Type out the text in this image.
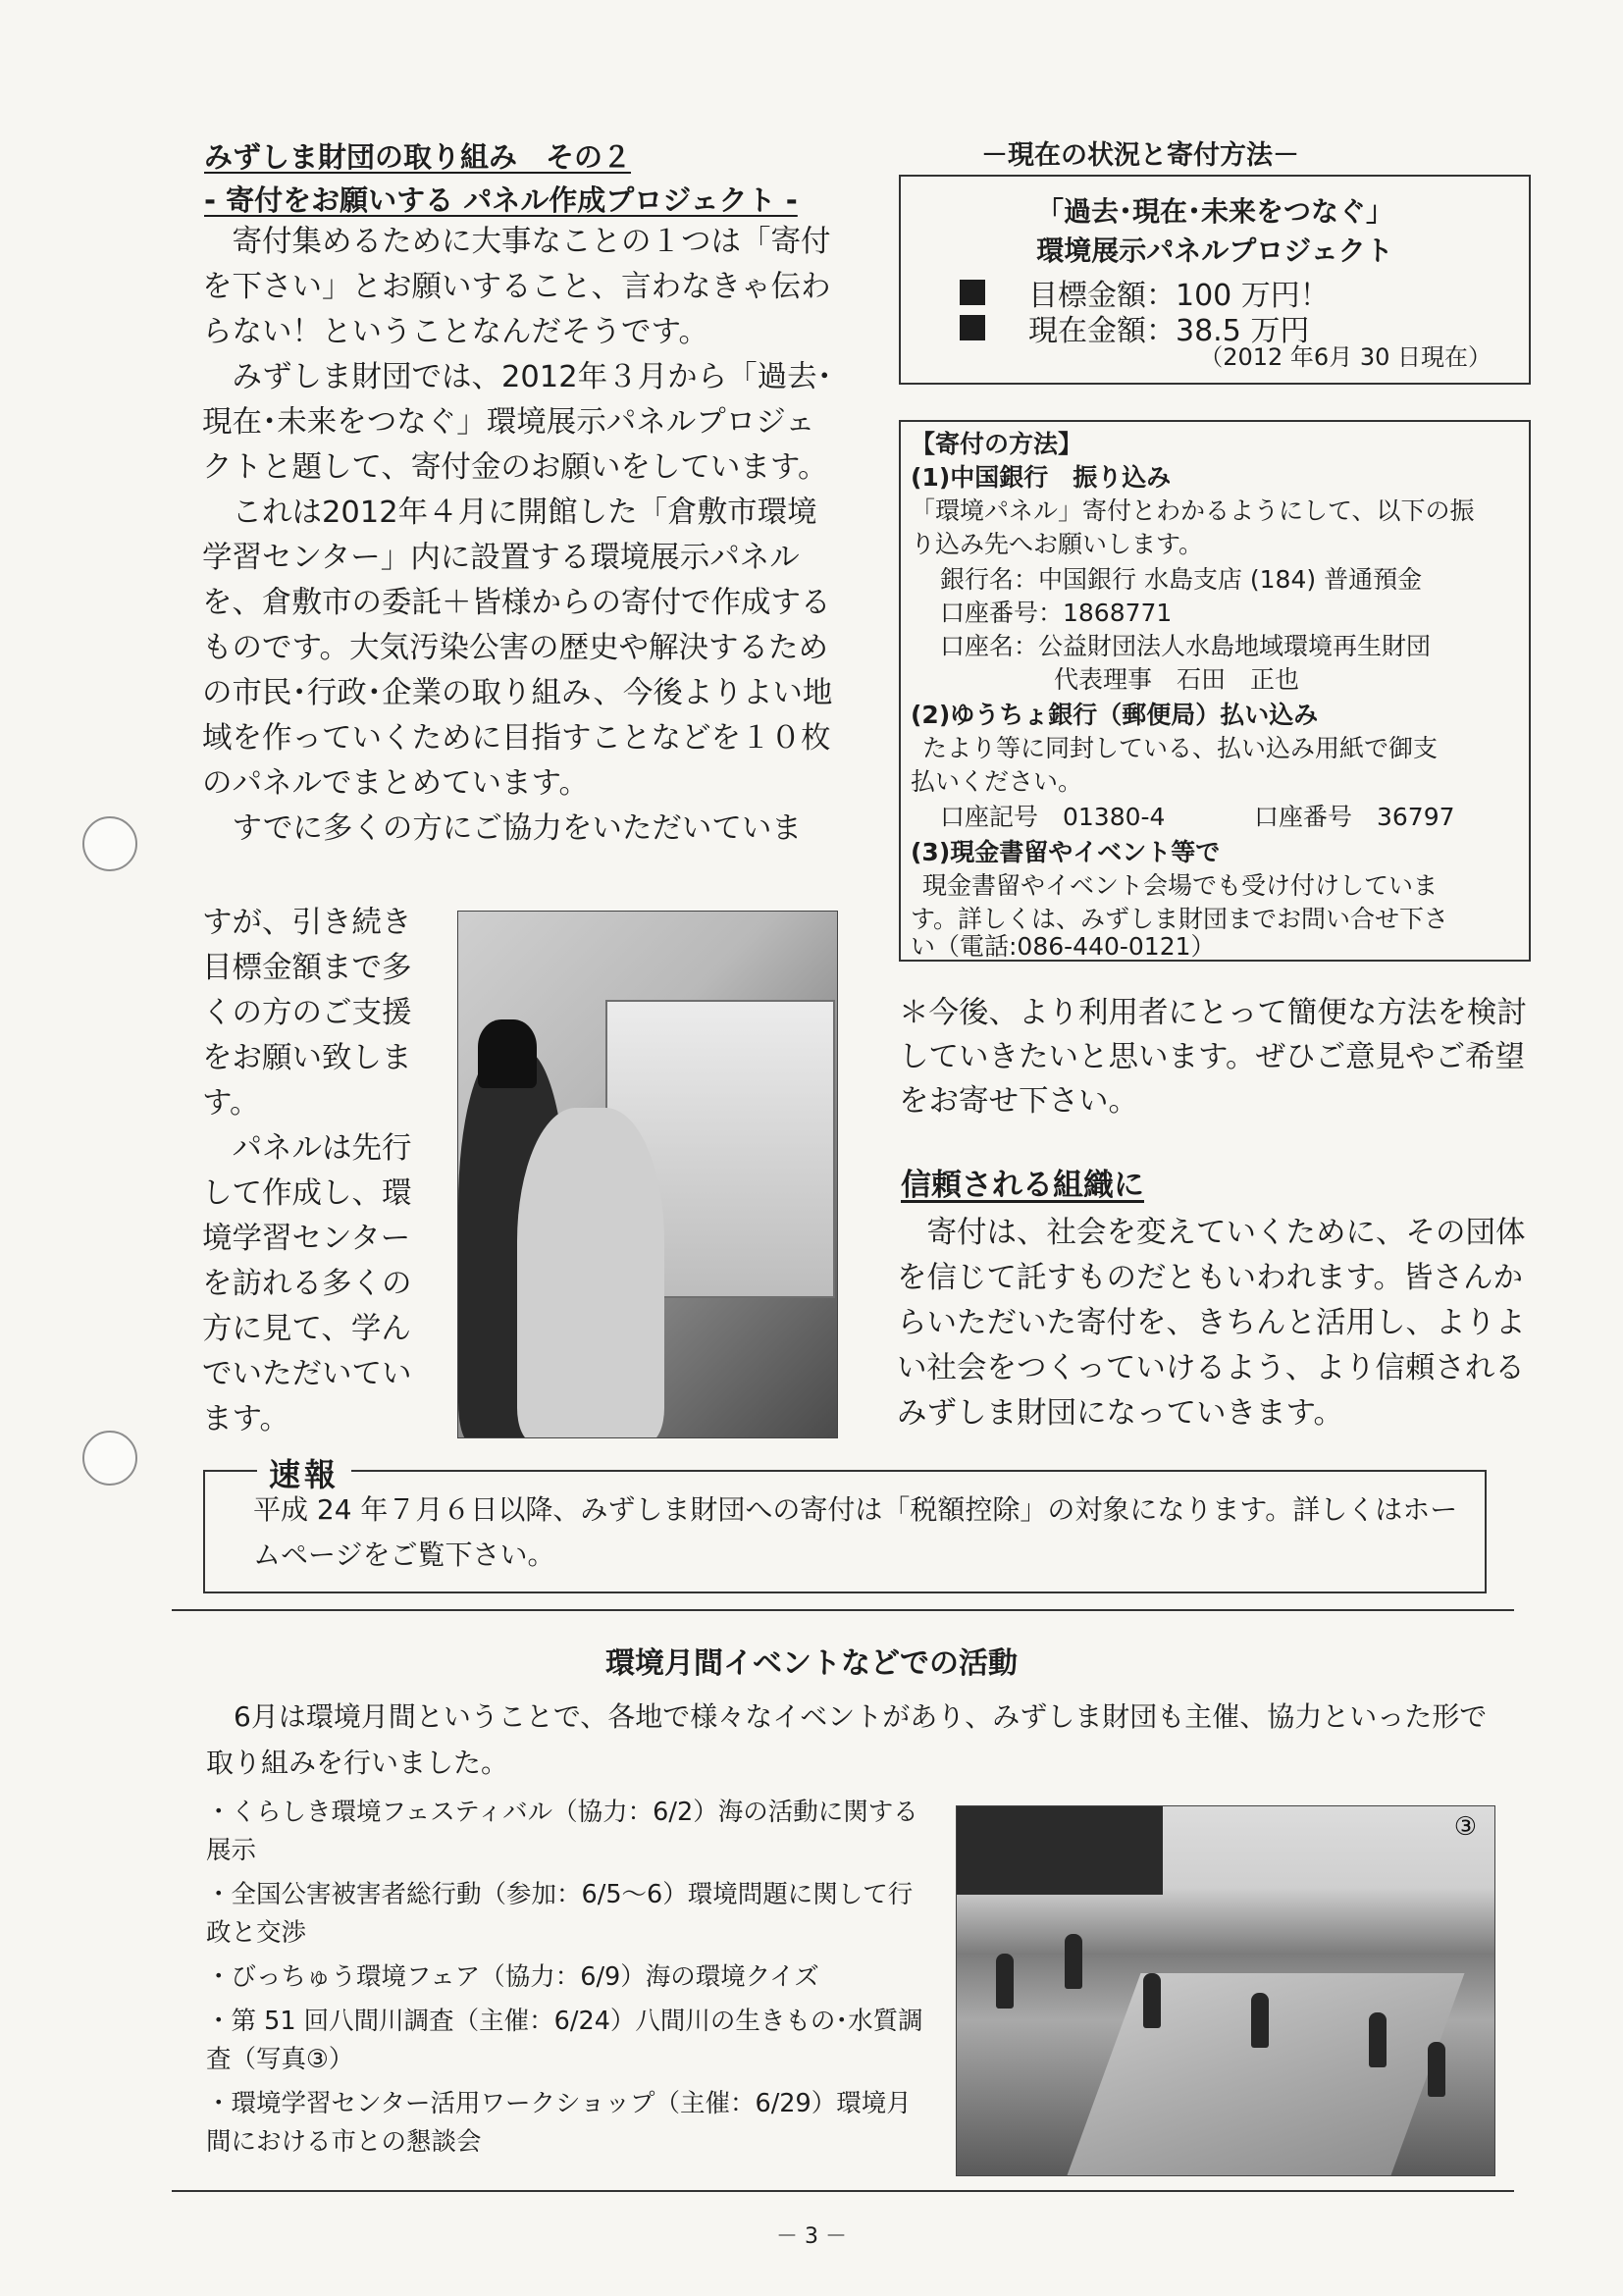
みずしま財団の取り組み　その２
- 寄付をお願いする パネル作成プロジェクト -

寄付集めるために大事なことの１つは「寄付を下さい」とお願いすること、言わなきゃ伝わらない！ということなんだそうです。

みずしま財団では、2012年３月から「過去･現在･未来をつなぐ」環境展示パネルプロジェクトと題して、寄付金のお願いをしています。

これは2012年４月に開館した「倉敷市環境学習センター」内に設置する環境展示パネルを、倉敷市の委託＋皆様からの寄付で作成するものです。大気汚染公害の歴史や解決するための市民･行政･企業の取り組み、今後よりよい地域を作っていくために目指すことなどを１０枚のパネルでまとめています。

すでに多くの方にご協力をいただいていま

すが、引き続き目標金額まで多くの方のご支援をお願い致します。

パネルは先行して作成し、環境学習センターを訪れる多くの方に見て、学んでいただいています。

－現在の状況と寄付方法－
「過去･現在･未来をつなぐ」
環境展示パネルプロジェクト
目標金額：100 万円！
現在金額：38.5 万円
（2012 年6月 30 日現在）
【寄付の方法】
(1)中国銀行　振り込み
「環境パネル」寄付とわかるようにして、以下の振
り込み先へお願いします。
銀行名：中国銀行 水島支店 (184) 普通預金
口座番号：1868771
口座名：公益財団法人水島地域環境再生財団
代表理事　石田　正也
(2)ゆうちょ銀行（郵便局）払い込み
たより等に同封している、払い込み用紙で御支
払いください。
口座記号　01380-4	口座番号　36797
(3)現金書留やイベント等で
現金書留やイベント会場でも受け付けしていま
す。詳しくは、みずしま財団までお問い合せ下さ
い（電話:086-440-0121）
＊今後、より利用者にとって簡便な方法を検討していきたいと思います。ぜひご意見やご希望をお寄せ下さい。
信頼される組織に

寄付は、社会を変えていくために、その団体を信じて託すものだともいわれます。皆さんからいただいた寄付を、きちんと活用し、よりよい社会をつくっていけるよう、より信頼されるみずしま財団になっていきます。

速報
平成 24 年７月６日以降、みずしま財団への寄付は「税額控除」の対象になります。詳しくはホームページをご覧下さい。
環境月間イベントなどでの活動
6月は環境月間ということで、各地で様々なイベントがあり、みずしま財団も主催、協力といった形で取り組みを行いました。
・くらしき環境フェスティバル（協力：6/2）海の活動に関する展示
・全国公害被害者総行動（参加：6/5～6）環境問題に関して行政と交渉
・びっちゅう環境フェア（協力：6/9）海の環境クイズ
・第 51 回八間川調査（主催：6/24）八間川の生きもの･水質調査（写真③）
・環境学習センター活用ワークショップ（主催：6/29）環境月間における市との懇談会
③
－ 3 －
